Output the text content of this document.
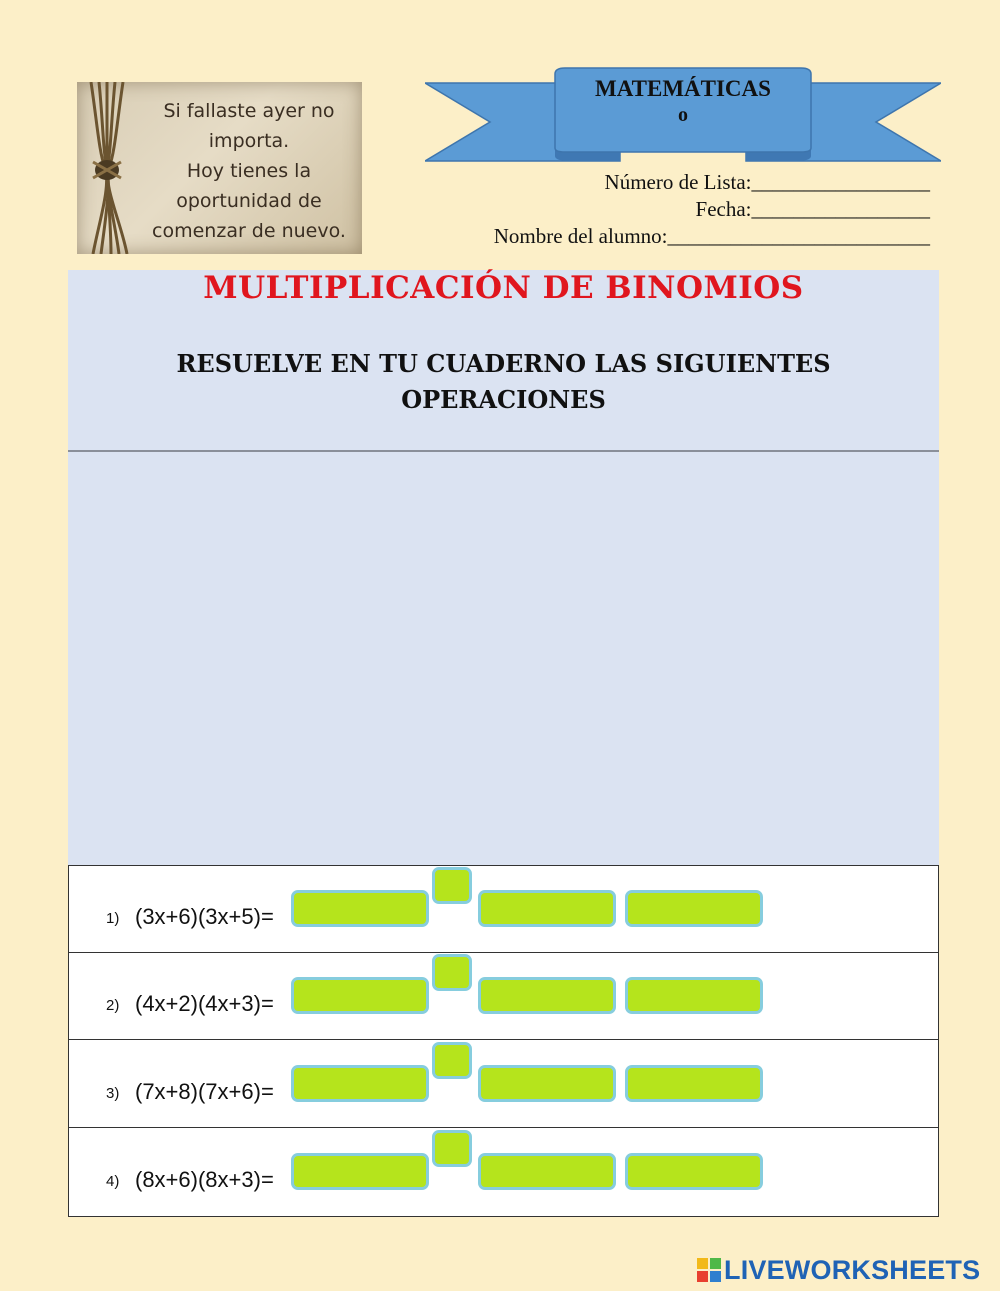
Si fallaste ayer no
importa.
Hoy tienes la
oportunidad de
comenzar de nuevo.
MATEMÁTICAS
o
Número de Lista:_________________
Fecha:_________________
Nombre del alumno:_________________________
MULTIPLICACIÓN DE BINOMIOS
RESUELVE EN TU CUADERNO LAS SIGUIENTES OPERACIONES
1) (3x+6)(3x+5)=
2) (4x+2)(4x+3)=
3) (7x+8)(7x+6)=
4) (8x+6)(8x+3)=
LIVEWORKSHEETS
